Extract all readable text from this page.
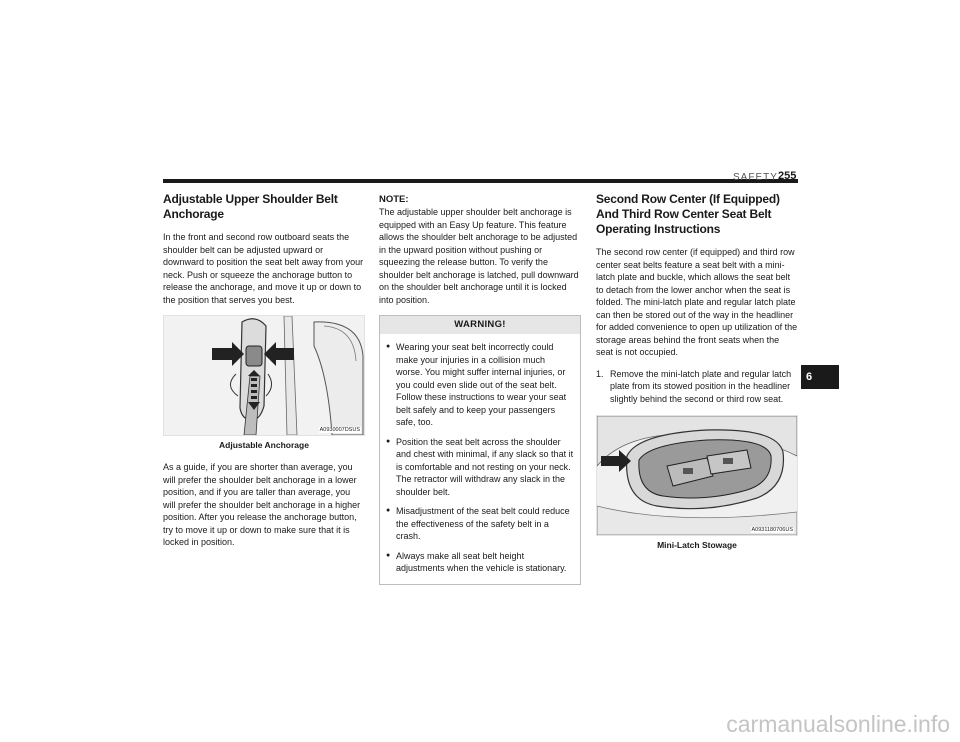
SAFETY 255
Adjustable Upper Shoulder Belt Anchorage

In the front and second row outboard seats the shoulder belt can be adjusted upward or downward to position the seat belt away from your neck. Push or squeeze the anchorage button to release the anchorage, and move it up or down to the position that serves you best.

A0930007DSUS
Adjustable Anchorage

As a guide, if you are shorter than average, you will prefer the shoulder belt anchorage in a lower position, and if you are taller than average, you will prefer the shoulder belt anchorage in a higher position. After you release the anchorage button, try to move it up or down to make sure that it is locked in position.

NOTE:

The adjustable upper shoulder belt anchorage is equipped with an Easy Up feature. This feature allows the shoulder belt anchorage to be adjusted in the upward position without pushing or squeezing the release button. To verify the shoulder belt anchorage is latched, pull downward on the shoulder belt anchorage until it is locked into position.

WARNING!
● Wearing your seat belt incorrectly could make your injuries in a collision much worse. You might suffer internal injuries, or you could even slide out of the seat belt. Follow these instructions to wear your seat belt safely and to keep your passengers safe, too.
● Position the seat belt across the shoulder and chest with minimal, if any slack so that it is comfortable and not resting on your neck. The retractor will withdraw any slack in the shoulder belt.
● Misadjustment of the seat belt could reduce the effectiveness of the safety belt in a crash.
● Always make all seat belt height adjustments when the vehicle is stationary.
Second Row Center (If Equipped) And Third Row Center Seat Belt Operating Instructions

The second row center (if equipped) and third row center seat belts feature a seat belt with a mini-latch plate and buckle, which allows the seat belt to detach from the lower anchor when the seat is folded. The mini-latch plate and regular latch plate can then be stored out of the way in the headliner for added convenience to open up utilization of the storage areas behind the front seats when the seat is not occupied.

1. Remove the mini-latch plate and regular latch plate from its stowed position in the headliner slightly behind the second or third row seat.
A0931180706US
Mini-Latch Stowage
6
carmanualsonline.info
